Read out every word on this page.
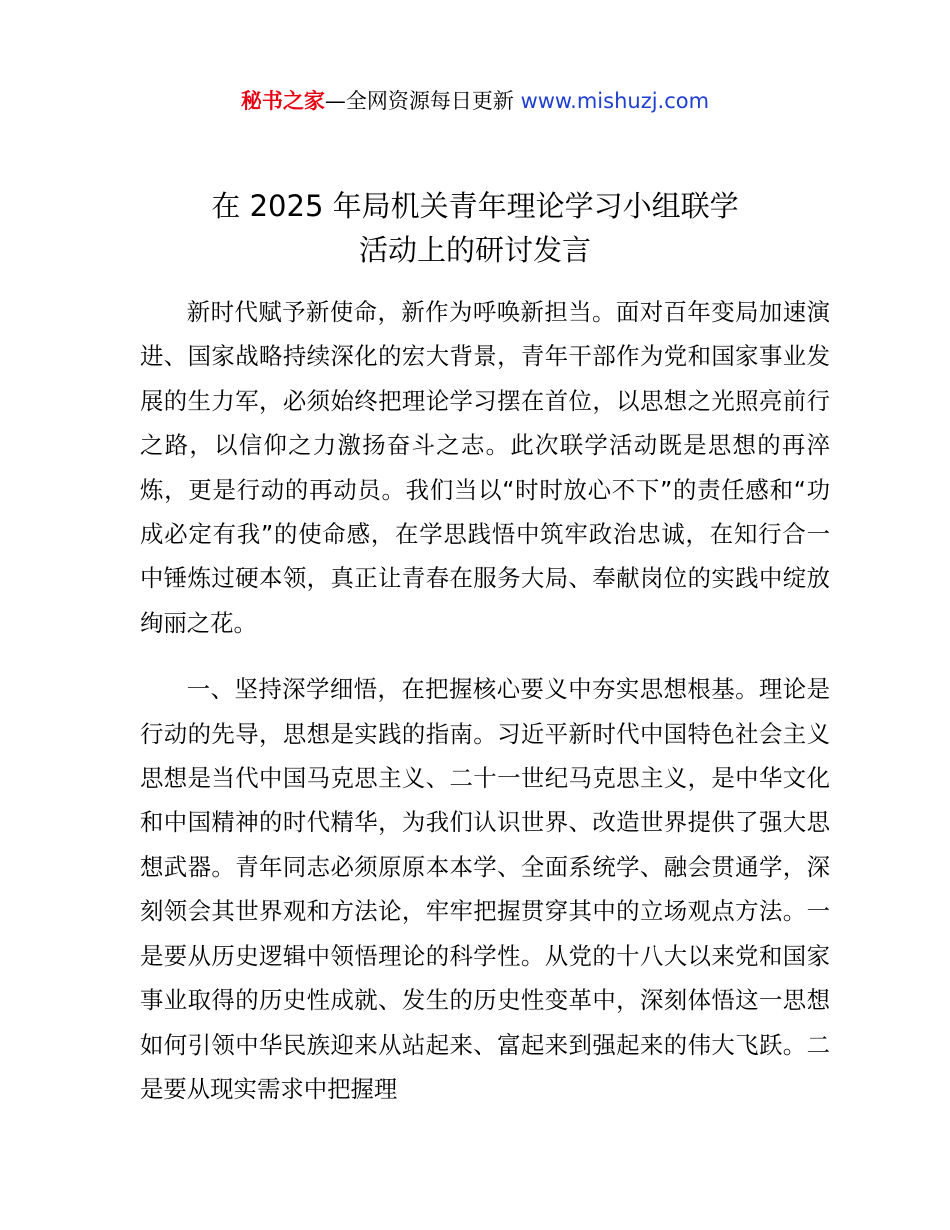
秘书之家—全网资源每日更新 www.mishuzj.com
在 2025 年局机关青年理论学习小组联学
活动上的研讨发言

新时代赋予新使命，新作为呼唤新担当。面对百年变局加速演进、国家战略持续深化的宏大背景，青年干部作为党和国家事业发展的生力军，必须始终把理论学习摆在首位，以思想之光照亮前行之路，以信仰之力激扬奋斗之志。此次联学活动既是思想的再淬炼，更是行动的再动员。我们当以“时时放心不下”的责任感和“功成必定有我”的使命感，在学思践悟中筑牢政治忠诚，在知行合一中锤炼过硬本领，真正让青春在服务大局、奉献岗位的实践中绽放绚丽之花。

一、坚持深学细悟，在把握核心要义中夯实思想根基。理论是行动的先导，思想是实践的指南。习近平新时代中国特色社会主义思想是当代中国马克思主义、二十一世纪马克思主义，是中华文化和中国精神的时代精华，为我们认识世界、改造世界提供了强大思想武器。青年同志必须原原本本学、全面系统学、融会贯通学，深刻领会其世界观和方法论，牢牢把握贯穿其中的立场观点方法。一是要从历史逻辑中领悟理论的科学性。从党的十八大以来党和国家事业取得的历史性成就、发生的历史性变革中，深刻体悟这一思想如何引领中华民族迎来从站起来、富起来到强起来的伟大飞跃。二是要从现实需求中把握理
